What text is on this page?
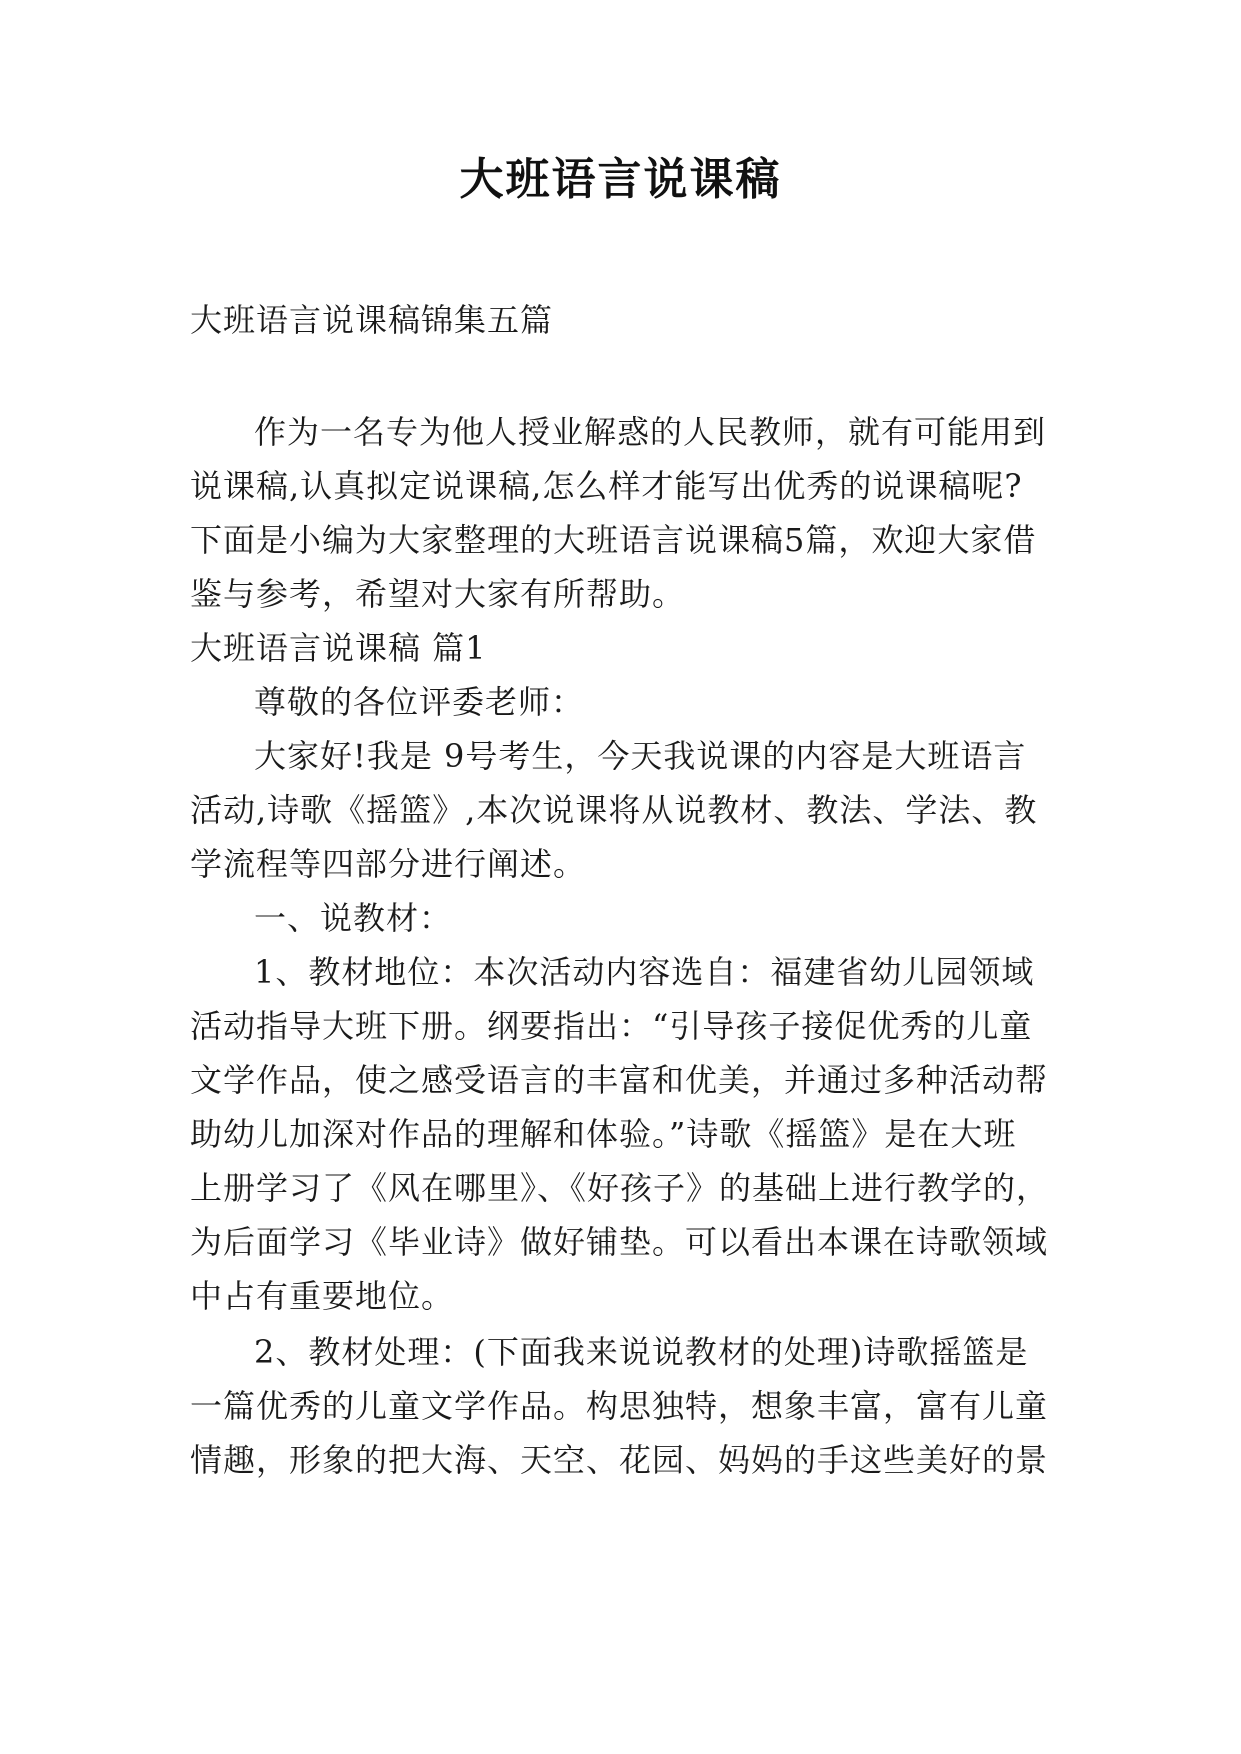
大班语言说课稿
大班语言说课稿锦集五篇
作为一名专为他人授业解惑的人民教师，就有可能用到
说课稿,认真拟定说课稿,怎么样才能写出优秀的说课稿呢?
下面是小编为大家整理的大班语言说课稿5篇，欢迎大家借
鉴与参考，希望对大家有所帮助。
大班语言说课稿 篇1
尊敬的各位评委老师：
大家好!我是 9号考生，今天我说课的内容是大班语言
活动,诗歌《摇篮》,本次说课将从说教材、教法、学法、教
学流程等四部分进行阐述。
一、说教材：
1、教材地位：本次活动内容选自：福建省幼儿园领域
活动指导大班下册。纲要指出：“引导孩子接促优秀的儿童
文学作品，使之感受语言的丰富和优美，并通过多种活动帮
助幼儿加深对作品的理解和体验。”诗歌《摇篮》是在大班
上册学习了《风在哪里》、《好孩子》的基础上进行教学的，
为后面学习《毕业诗》做好铺垫。可以看出本课在诗歌领域
中占有重要地位。
2、教材处理：(下面我来说说教材的处理)诗歌摇篮是
一篇优秀的儿童文学作品。构思独特，想象丰富，富有儿童
情趣，形象的把大海、天空、花园、妈妈的手这些美好的景
